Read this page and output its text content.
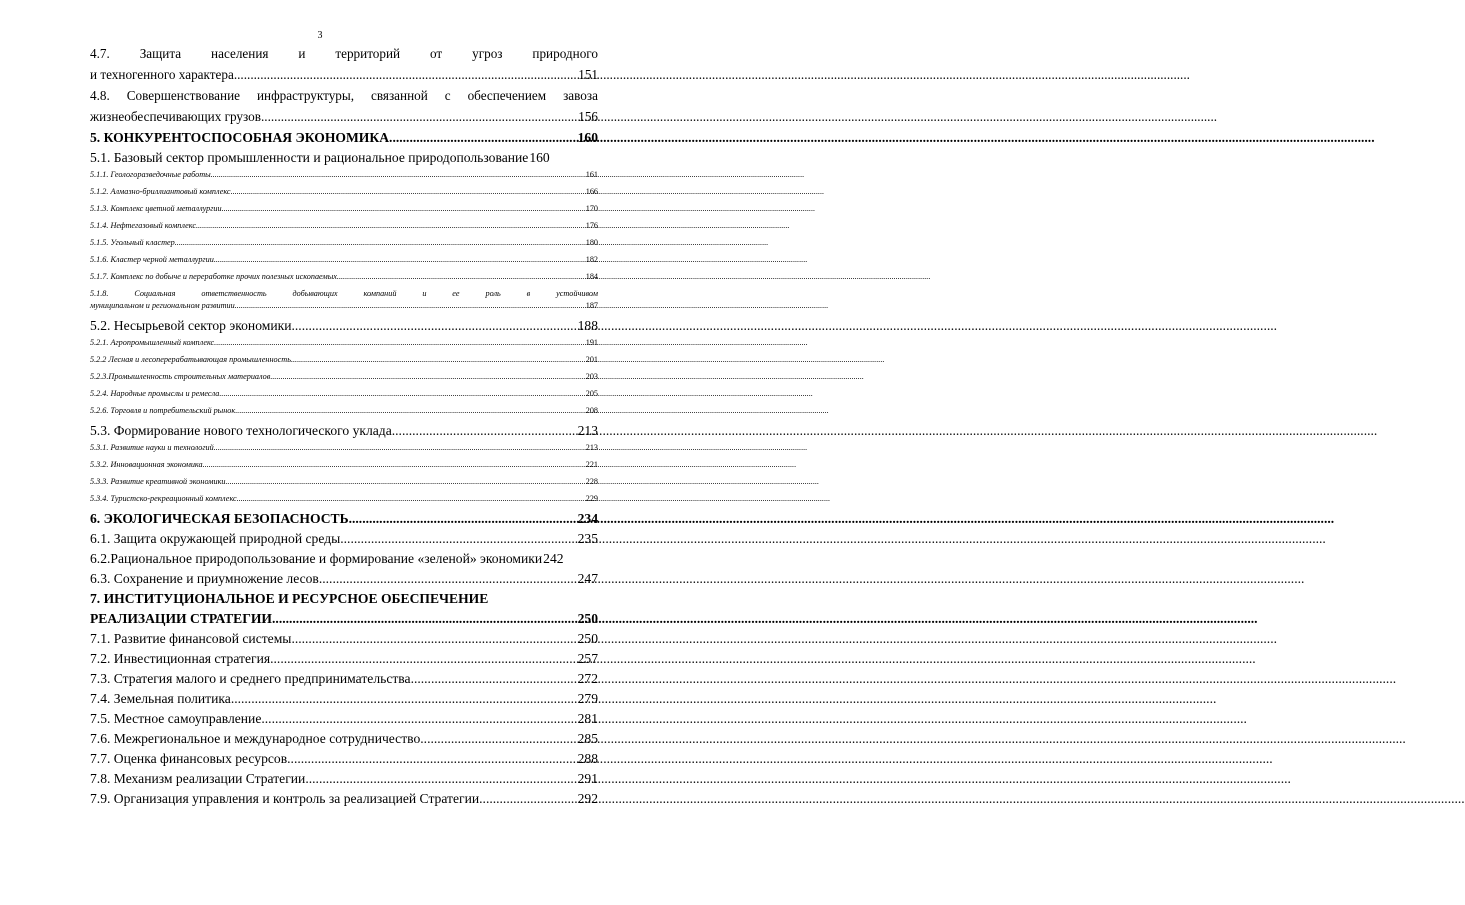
3
4.7. Защита населения и территорий от угроз природного
и техногенного характера .....	151
4.8. Совершенствование инфраструктуры, связанной с обеспечением завоза
жизнеобеспечивающих грузов .....	156
5. КОНКУРЕНТОСПОСОБНАЯ ЭКОНОМИКА .....	160
5.1. Базовый сектор промышленности и рациональное природопользование 160
5.1.1. Геологоразведочные работы .....	161
5.1.2. Алмазно-бриллиантовый комплекс .....	166
5.1.3. Комплекс цветной металлургии .....	170
5.1.4. Нефтегазовый комплекс .....	176
5.1.5. Угольный кластер .....	180
5.1.6. Кластер черной металлургии .....	182
5.1.7. Комплекс по добыче и переработке прочих полезных ископаемых .....	184
5.1.8.	Социальная	ответственность	добывающих	компаний	и	ее	роль	в	устойчивом
муниципальном и региональном развитии .....	187
5.2. Несырьевой сектор экономики .....	188
5.2.1. Агропромышленный комплекс .....	191
5.2.2 Лесная и лесоперерабатывающая промышленность .....	201
5.2.3.Промышленность строительных материалов .....	203
5.2.4. Народные промыслы и ремесла .....	205
5.2.6. Торговля и потребительский рынок .....	208
5.3. Формирование нового технологического уклада .....	213
5.3.1. Развитие науки и технологий .....	213
5.3.2. Инновационная экономика .....	221
5.3.3. Развитие креативной экономики .....	228
5.3.4. Туристско-рекреационный комплекс .....	229
6. ЭКОЛОГИЧЕСКАЯ БЕЗОПАСНОСТЬ .....	234
6.1. Защита окружающей природной среды .....	235
6.2.Рациональное природопользование и формирование «зеленой» экономики 242
6.3. Сохранение и приумножение лесов .....	247
7. ИНСТИТУЦИОНАЛЬНОЕ И РЕСУРСНОЕ ОБЕСПЕЧЕНИЕ
РЕАЛИЗАЦИИ СТРАТЕГИИ .....	250
7.1. Развитие финансовой системы .....	250
7.2. Инвестиционная стратегия .....	257
7.3. Стратегия малого и среднего предпринимательства .....	272
7.4. Земельная политика .....	279
7.5. Местное самоуправление .....	281
7.6. Межрегиональное и международное сотрудничество .....	285
7.7. Оценка финансовых ресурсов .....	288
7.8. Механизм реализации Стратегии .....	291
7.9. Организация управления и контроль за реализацией Стратегии .....	292
